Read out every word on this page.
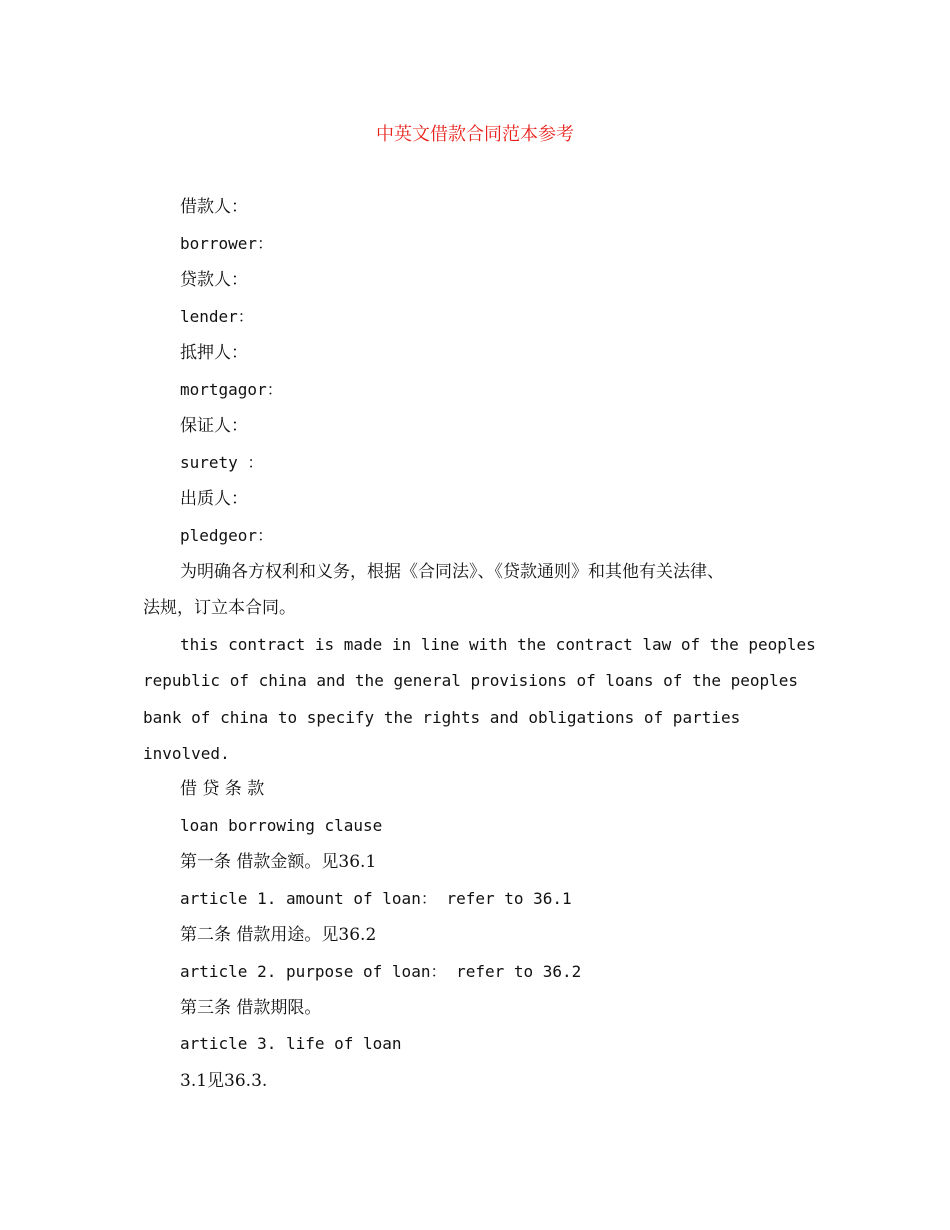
中英文借款合同范本参考
借款人：
borrower：
贷款人：
lender：
抵押人：
mortgagor：
保证人：
surety ：
出质人：
pledgeor：
为明确各方权利和义务，根据《合同法》、《贷款通则》和其他有关法律、
法规，订立本合同。
this contract is made in line with the contract law of the peoples
republic of china and the general provisions of loans of the peoples
bank of china to specify the rights and obligations of parties
involved.
借 贷 条 款
loan borrowing clause
第一条 借款金额。见36.1
article 1. amount of loan： refer to 36.1
第二条 借款用途。见36.2
article 2. purpose of loan： refer to 36.2
第三条 借款期限。
article 3. life of loan
3.1见36.3.
